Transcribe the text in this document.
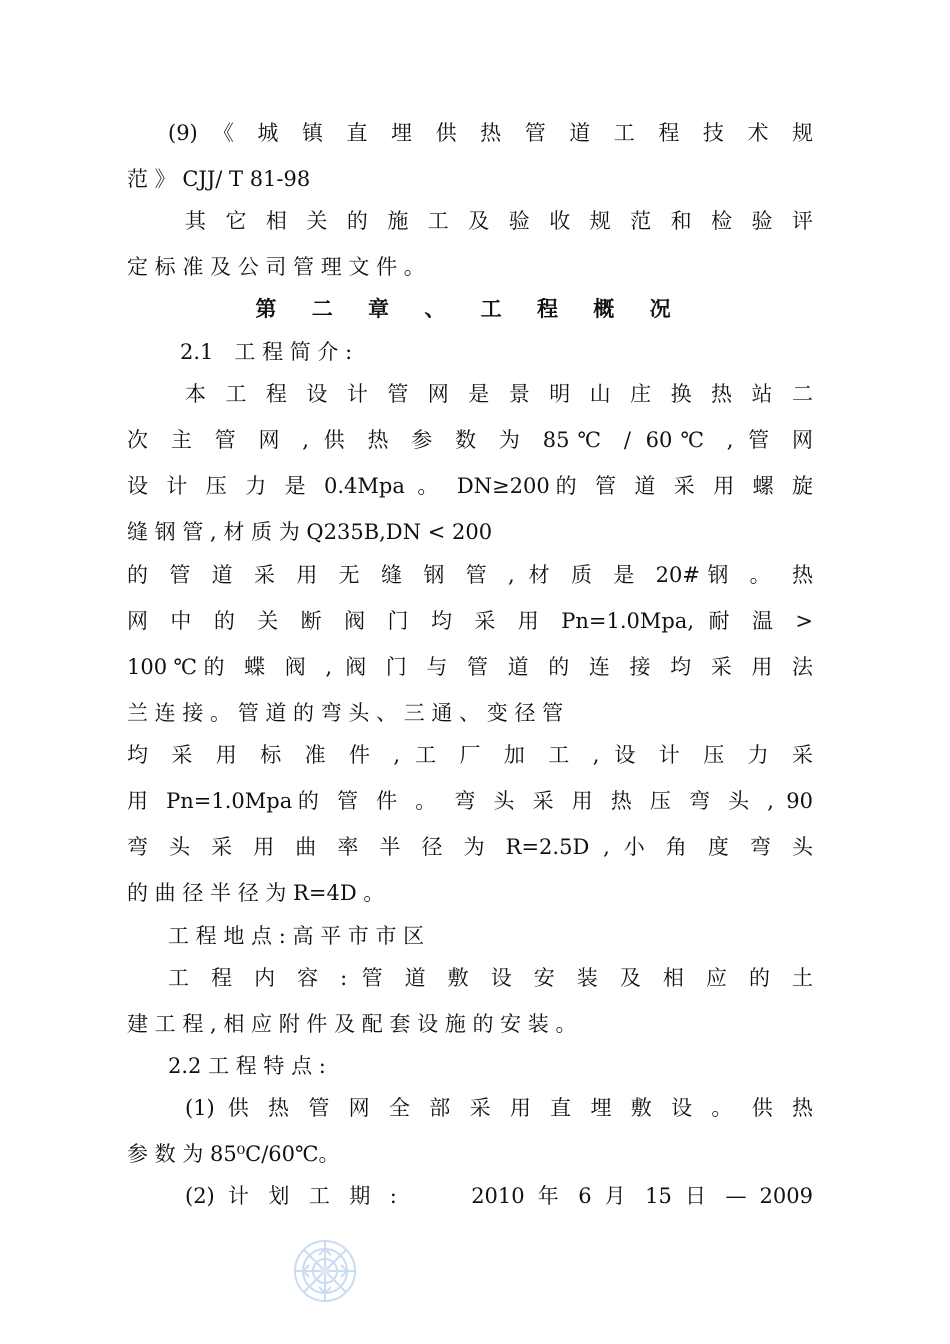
(9) 《 城 镇 直 埋 供 热 管 道 工 程 技 术 规
范 》 CJJ/ T 81-98
其 它 相 关 的 施 工 及 验 收 规 范 和 检 验 评
定 标 准 及 公 司 管 理 文 件 。
第 二 章 、 工 程 概 况
2.1　工 程 简 介 :
本 工 程 设 计 管 网 是 景 明 山 庄 换 热 站 二
次 主 管 网 , 供 热 参 数 为 85℃ / 60℃ , 管 网
设 计 压 力 是 0.4Mpa 。 DN≥200的 管 道 采 用 螺 旋
缝 钢 管 , 材 质 为 Q235B,DN < 200
的 管 道 采 用 无 缝 钢 管 , 材 质 是 20#钢 。 热
网 中 的 关 断 阀 门 均 采 用 Pn=1.0Mpa, 耐 温 >
100℃的 蝶 阀 , 阀 门 与 管 道 的 连 接 均 采 用 法
兰 连 接 。 管 道 的 弯 头 、 三 通 、 变 径 管
均 采 用 标 准 件 , 工 厂 加 工 , 设 计 压 力 采
用 Pn=1.0Mpa的 管 件 。 弯 头 采 用 热 压 弯 头 , 90
弯 头 采 用 曲 率 半 径 为 R=2.5D , 小 角 度 弯 头
的 曲 径 半 径 为 R=4D 。
工 程 地 点 : 高 平 市 市 区
工 程 内 容 : 管 道 敷 设 安 装 及 相 应 的 土
建 工 程 , 相 应 附 件 及 配 套 设 施 的 安 装 。
2.2 工 程 特 点 :
(1) 供 热 管 网 全 部 采 用 直 埋 敷 设 。 供 热
参 数 为 85⁰C/60℃。
(2) 计 划 工 期 :　　 2010 年 6 月 15 日 — 2009
